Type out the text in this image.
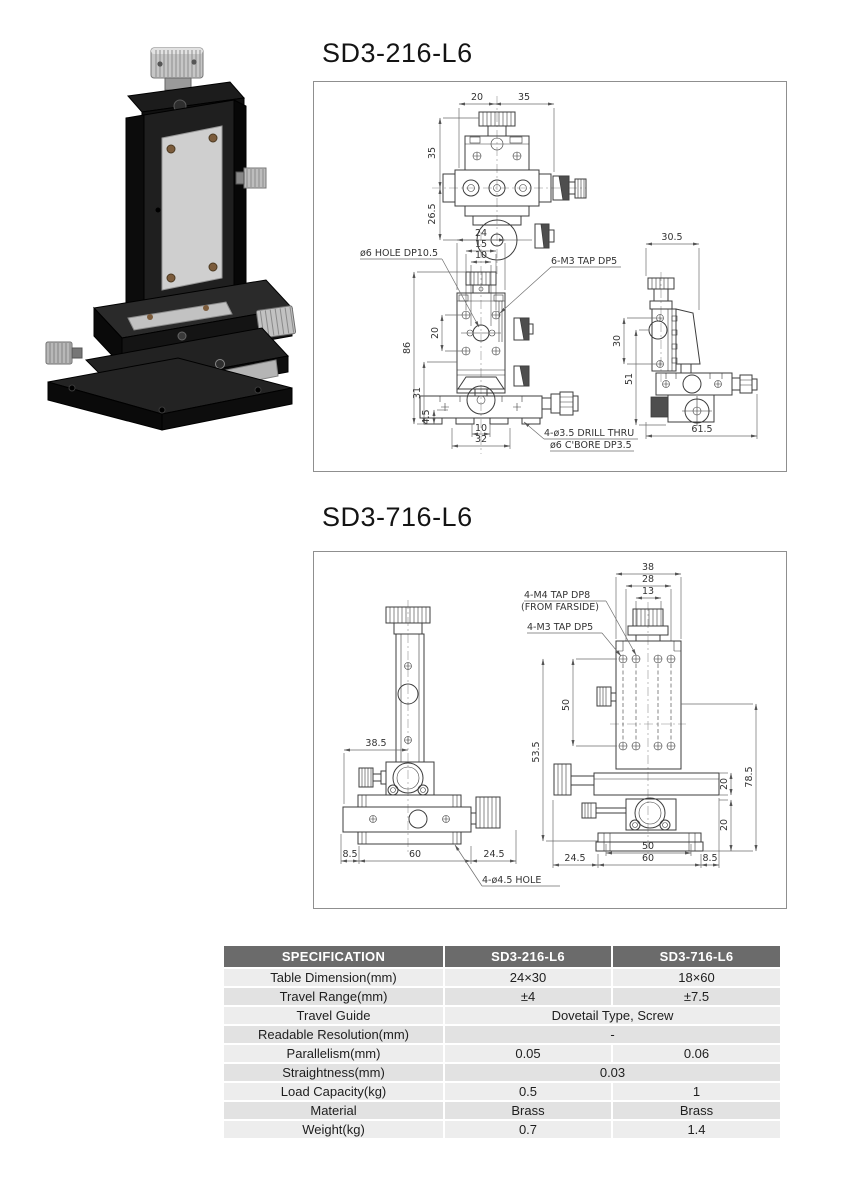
SD3-216-L6
20	35
35
26.5
24
15
10
86
20
31
4.5
10
32
ø6 HOLE DP10.5
6-M3 TAP DP5
4-ø3.5 DRILL THRU
ø6 C'BORE DP3.5
30.5
30
51
61.5
SD3-716-L6
38.5
8.5	60	24.5
4-ø4.5 HOLE
38
28
13
4-M4 TAP DP8
(FROM FARSIDE)
4-M3 TAP DP5
50
53.5
78.5
20
20
50
24.5	60	8.5
SPECIFICATION	SD3-216-L6	SD3-716-L6
Table Dimension(mm)	24×30	18×60
Travel Range(mm)	±4	±7.5
Travel Guide	Dovetail Type, Screw	
Readable Resolution(mm)	-	
Parallelism(mm)	0.05	0.06
Straightness(mm)	0.03	
Load Capacity(kg)	0.5	1
Material	Brass	Brass
Weight(kg)	0.7	1.4
